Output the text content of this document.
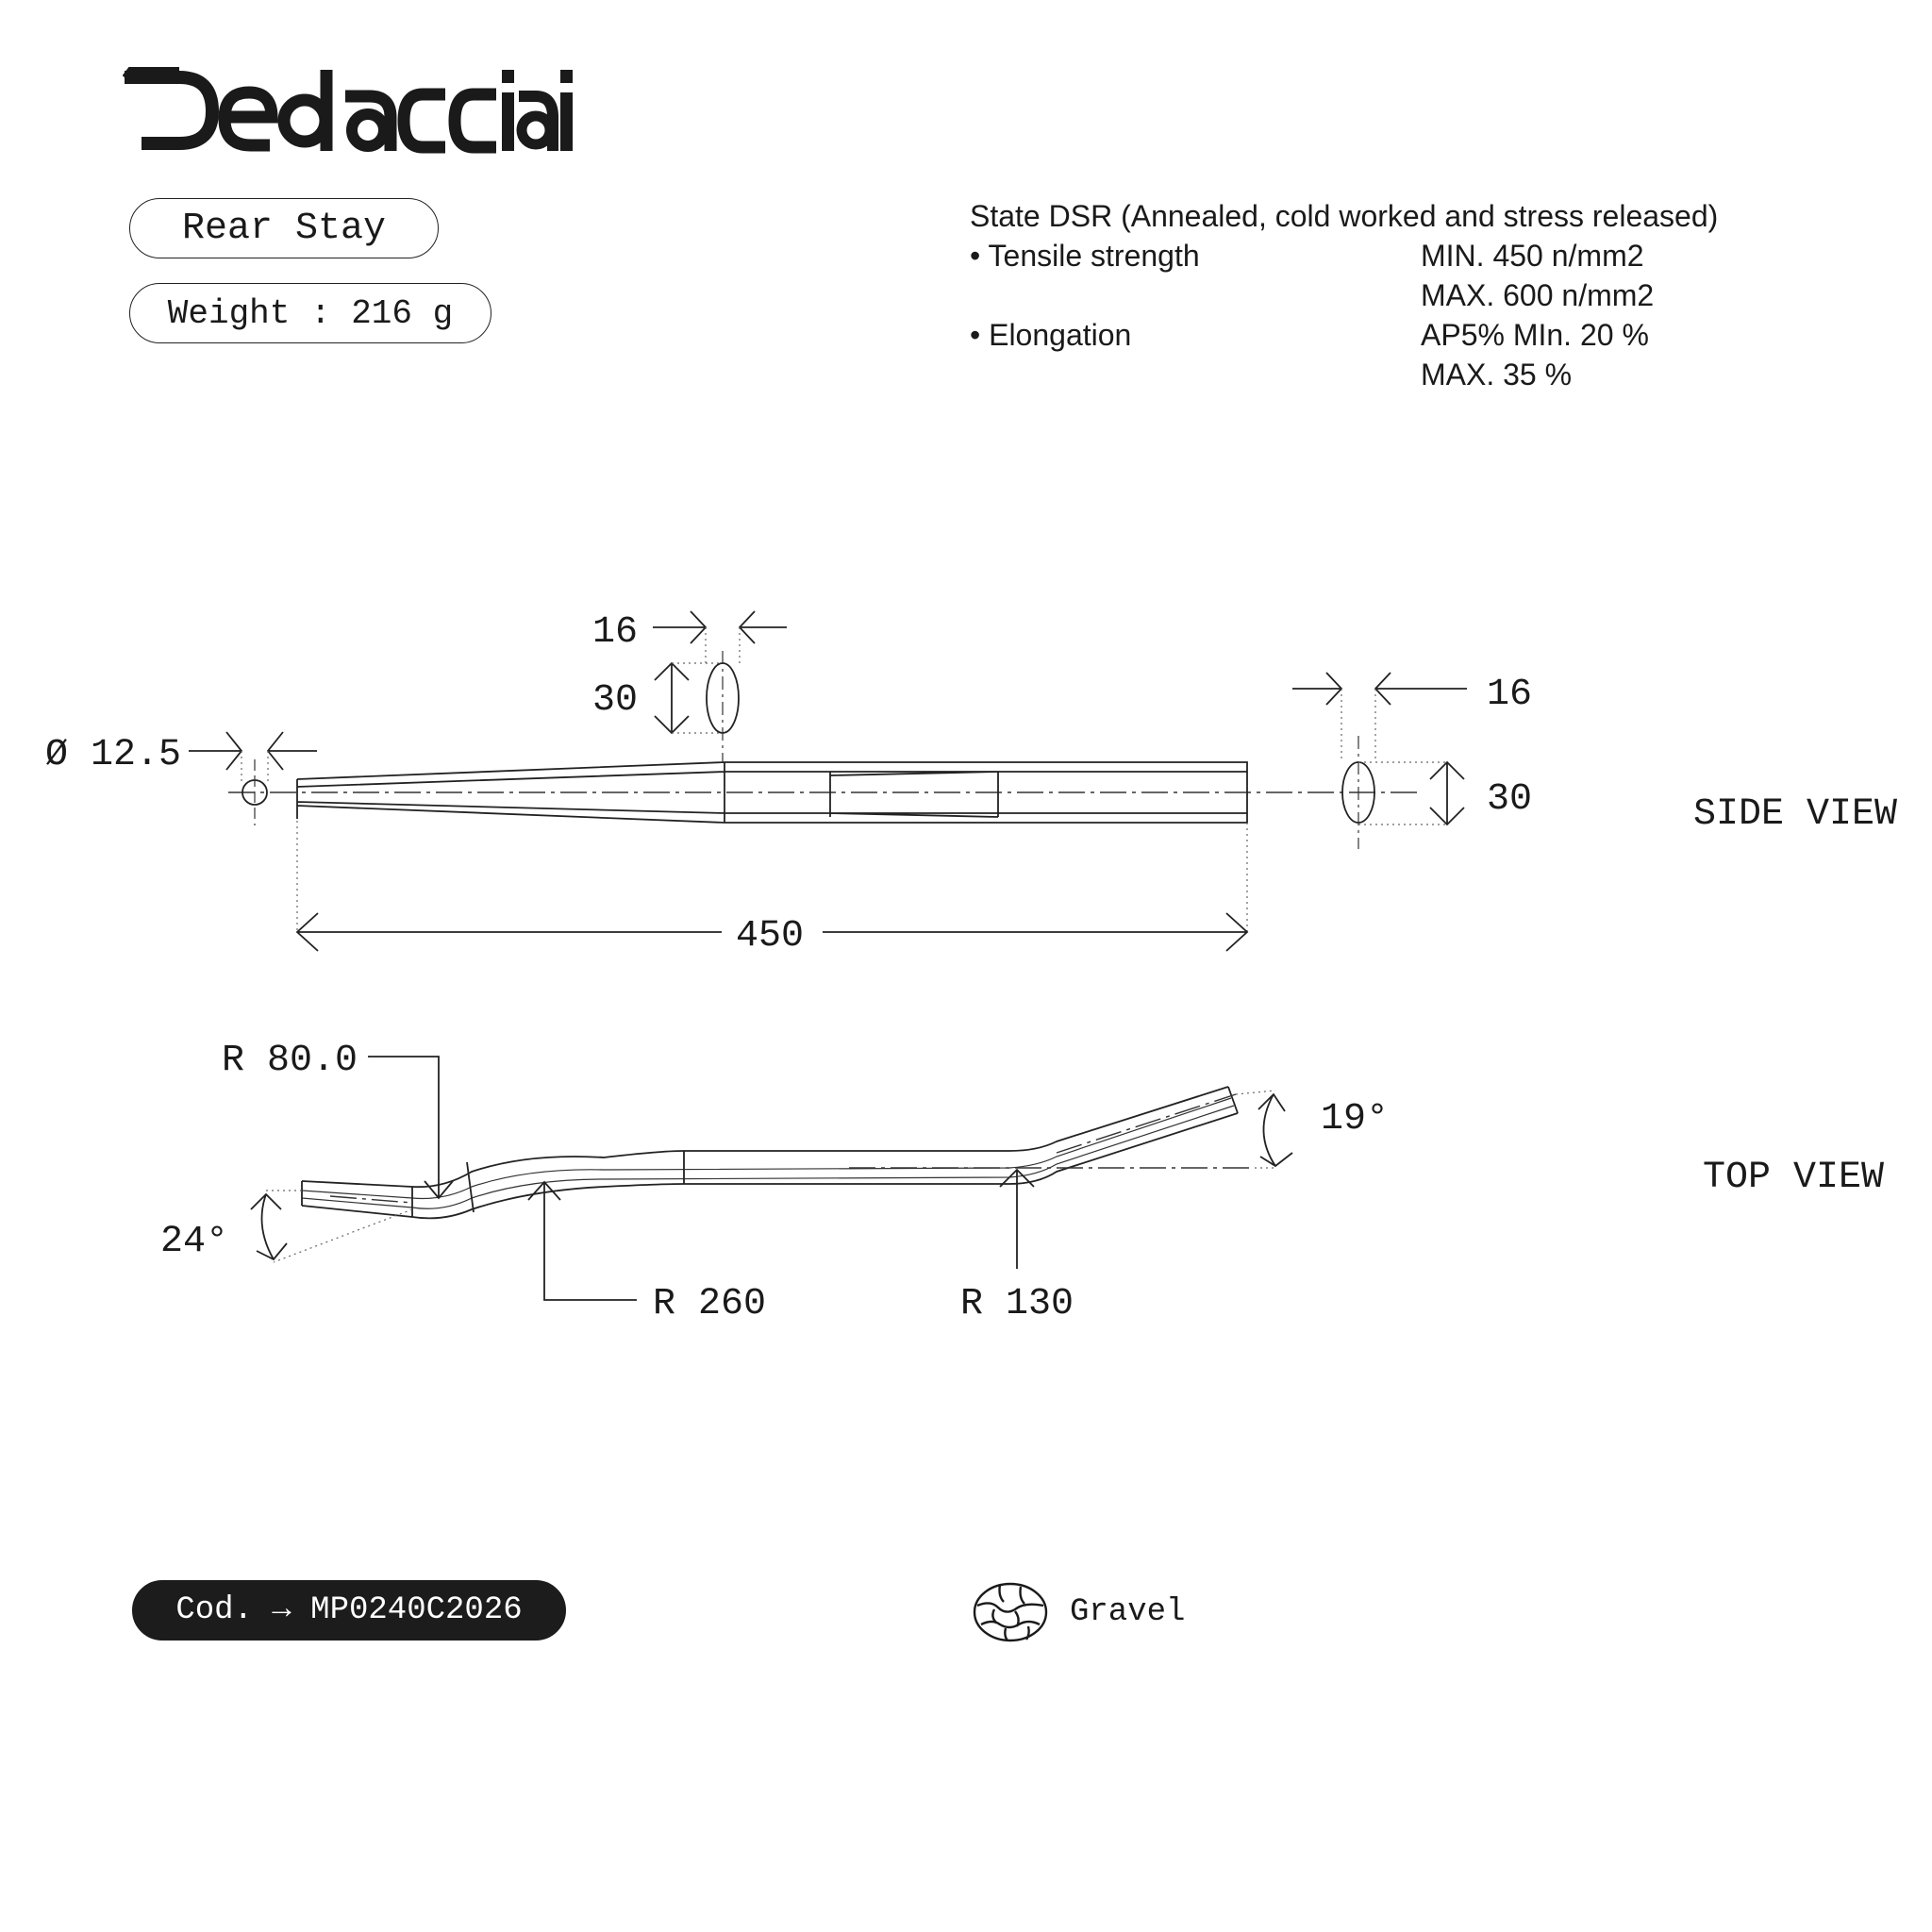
Rear Stay
Weight : 216 g
Cod. → MP0240C2026
State DSR (Annealed, cold worked and stress released)
• Tensile strength	MIN. 450 n/mm2
MAX. 600 n/mm2
• Elongation	AP5% MIn. 20 %
MAX. 35 %
Ø 12.5
16
30	16
30
450
SIDE VIEW
R 80.0
R 260	R 130
24°
19°
TOP VIEW
Gravel
